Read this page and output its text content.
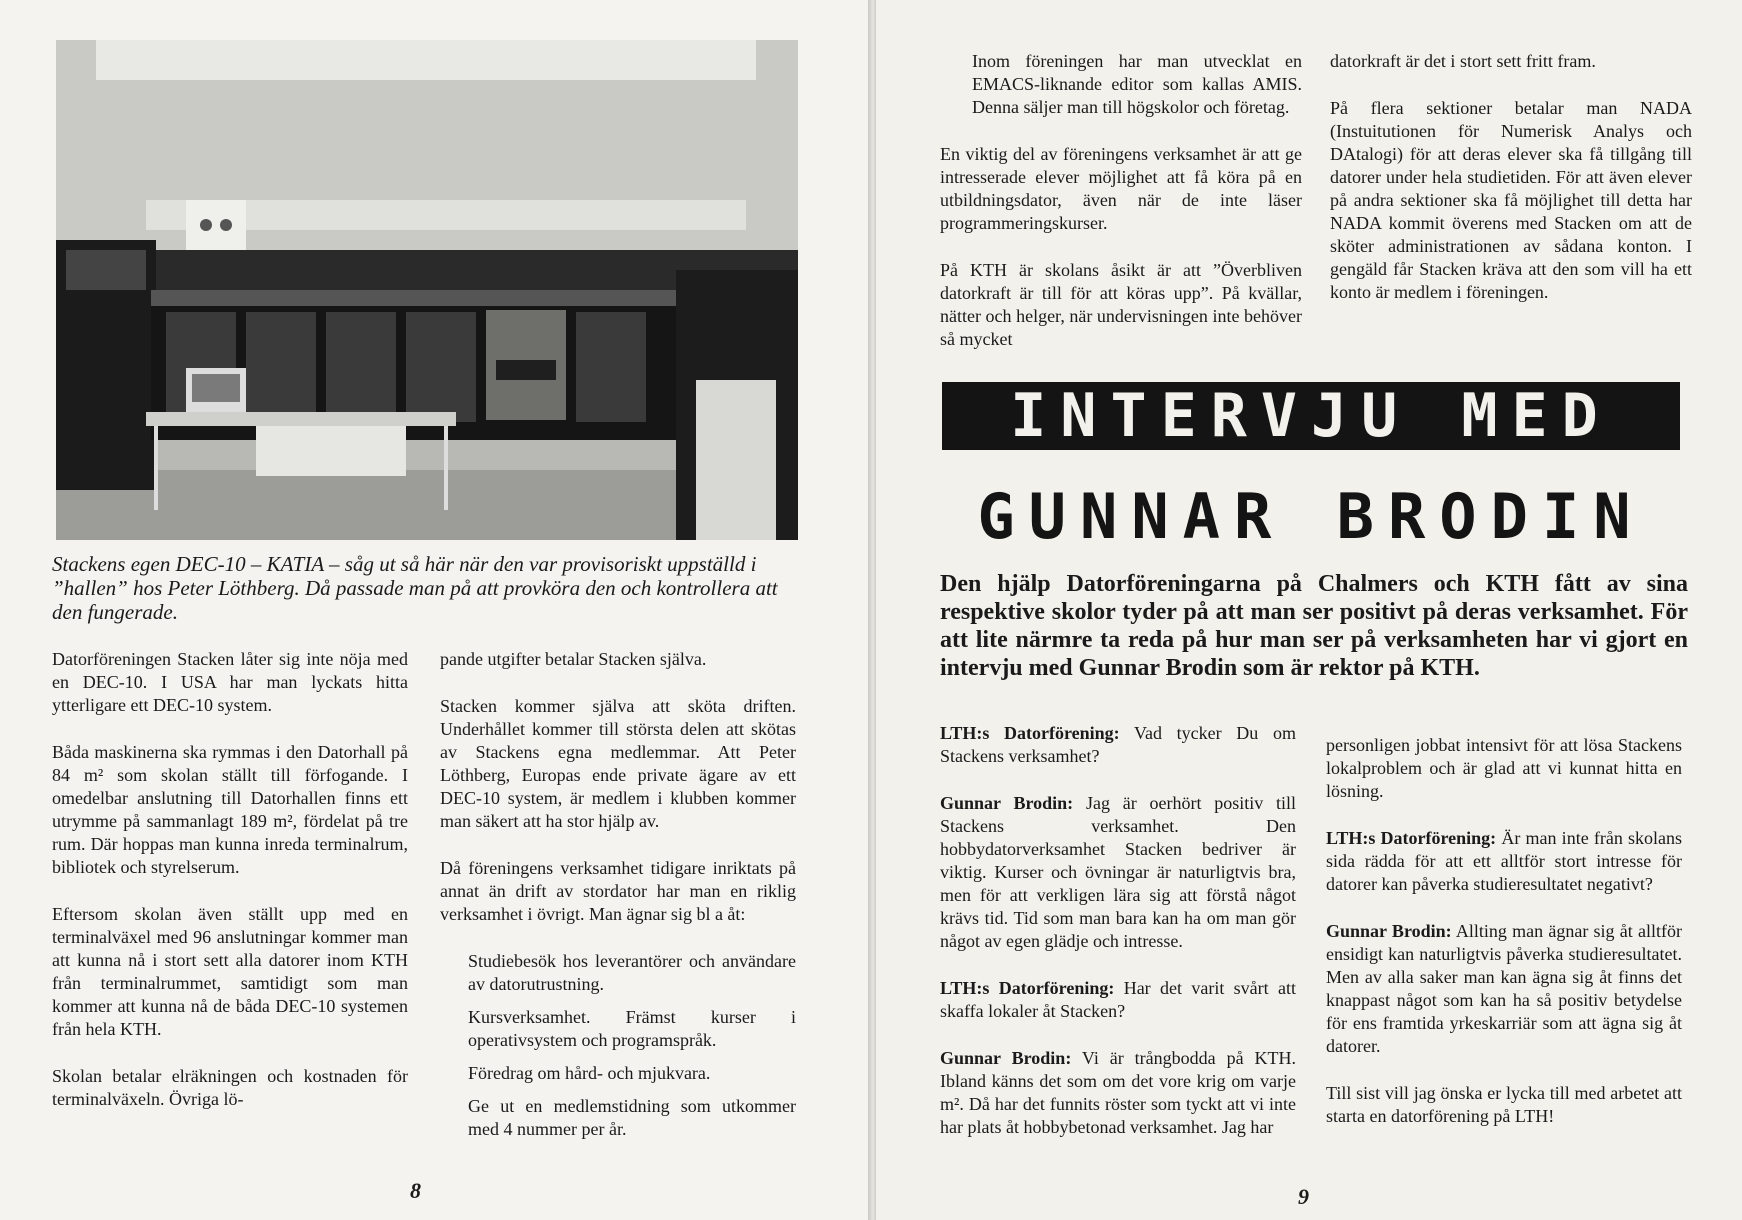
Stackens egen DEC-10 – KATIA – såg ut så här när den var provisoriskt uppställd i ”hallen” hos Peter Löthberg. Då passade man på att provköra den och kontrollera att den fungerade.

Datorföreningen Stacken låter sig inte nöja med en DEC-10. I USA har man lyckats hitta ytterligare ett DEC-10 system.

Båda maskinerna ska rymmas i den Datorhall på 84 m² som skolan ställt till förfogande. I omedelbar anslutning till Datorhallen finns ett utrymme på sammanlagt 189 m², fördelat på tre rum. Där hoppas man kunna inreda terminalrum, bibliotek och styrelserum.

Eftersom skolan även ställt upp med en terminalväxel med 96 anslutningar kommer man att kunna nå i stort sett alla datorer inom KTH från terminalrummet, samtidigt som man kommer att kunna nå de båda DEC-10 systemen från hela KTH.

Skolan betalar elräkningen och kostnaden för terminalväxeln. Övriga lö-

pande utgifter betalar Stacken själva.

Stacken kommer själva att sköta driften. Underhållet kommer till största delen att skötas av Stackens egna medlemmar. Att Peter Löthberg, Europas ende private ägare av ett DEC-10 system, är medlem i klubben kommer man säkert att ha stor hjälp av.

Då föreningens verksamhet tidigare inriktats på annat än drift av stordator har man en riklig verksamhet i övrigt. Man ägnar sig bl a åt:

Studiebesök hos leverantörer och användare av datorutrustning.

Kursverksamhet. Främst kurser i operativsystem och programspråk.

Föredrag om hård- och mjukvara.

Ge ut en medlemstidning som utkommer med 4 nummer per år.

8

Inom föreningen har man utvecklat en EMACS-liknande editor som kallas AMIS. Denna säljer man till högskolor och företag.

En viktig del av föreningens verksamhet är att ge intresserade elever möjlighet att få köra på en utbildningsdator, även när de inte läser programmeringskurser.

På KTH är skolans åsikt är att ”Överbliven datorkraft är till för att köras upp”. På kvällar, nätter och helger, när undervisningen inte behöver så mycket

datorkraft är det i stort sett fritt fram.

På flera sektioner betalar man NADA (Instuitutionen för Numerisk Analys och DAtalogi) för att deras elever ska få tillgång till datorer under hela studietiden. För att även elever på andra sektioner ska få möjlighet till detta har NADA kommit överens med Stacken om att de sköter administrationen av sådana konton. I gengäld får Stacken kräva att den som vill ha ett konto är medlem i föreningen.

INTERVJU MED
GUNNAR BRODIN
Den hjälp Datorföreningarna på Chalmers och KTH fått av sina respektive skolor tyder på att man ser positivt på deras verksamhet. För att lite närmre ta reda på hur man ser på verksamheten har vi gjort en intervju med Gunnar Brodin som är rektor på KTH.

LTH:s Datorförening: Vad tycker Du om Stackens verksamhet?

Gunnar Brodin: Jag är oerhört positiv till Stackens verksamhet. Den hobbydatorverksamhet Stacken bedriver är viktig. Kurser och övningar är naturligtvis bra, men för att verkligen lära sig att förstå något krävs tid. Tid som man bara kan ha om man gör något av egen glädje och intresse.

LTH:s Datorförening: Har det varit svårt att skaffa lokaler åt Stacken?

Gunnar Brodin: Vi är trångbodda på KTH. Ibland känns det som om det vore krig om varje m². Då har det funnits röster som tyckt att vi inte har plats åt hobbybetonad verksamhet. Jag har

personligen jobbat intensivt för att lösa Stackens lokalproblem och är glad att vi kunnat hitta en lösning.

LTH:s Datorförening: Är man inte från skolans sida rädda för att ett alltför stort intresse för datorer kan påverka studieresultatet negativt?

Gunnar Brodin: Allting man ägnar sig åt alltför ensidigt kan naturligtvis påverka studieresultatet. Men av alla saker man kan ägna sig åt finns det knappast något som kan ha så positiv betydelse för ens framtida yrkeskarriär som att ägna sig åt datorer.

Till sist vill jag önska er lycka till med arbetet att starta en datorförening på LTH!

9
